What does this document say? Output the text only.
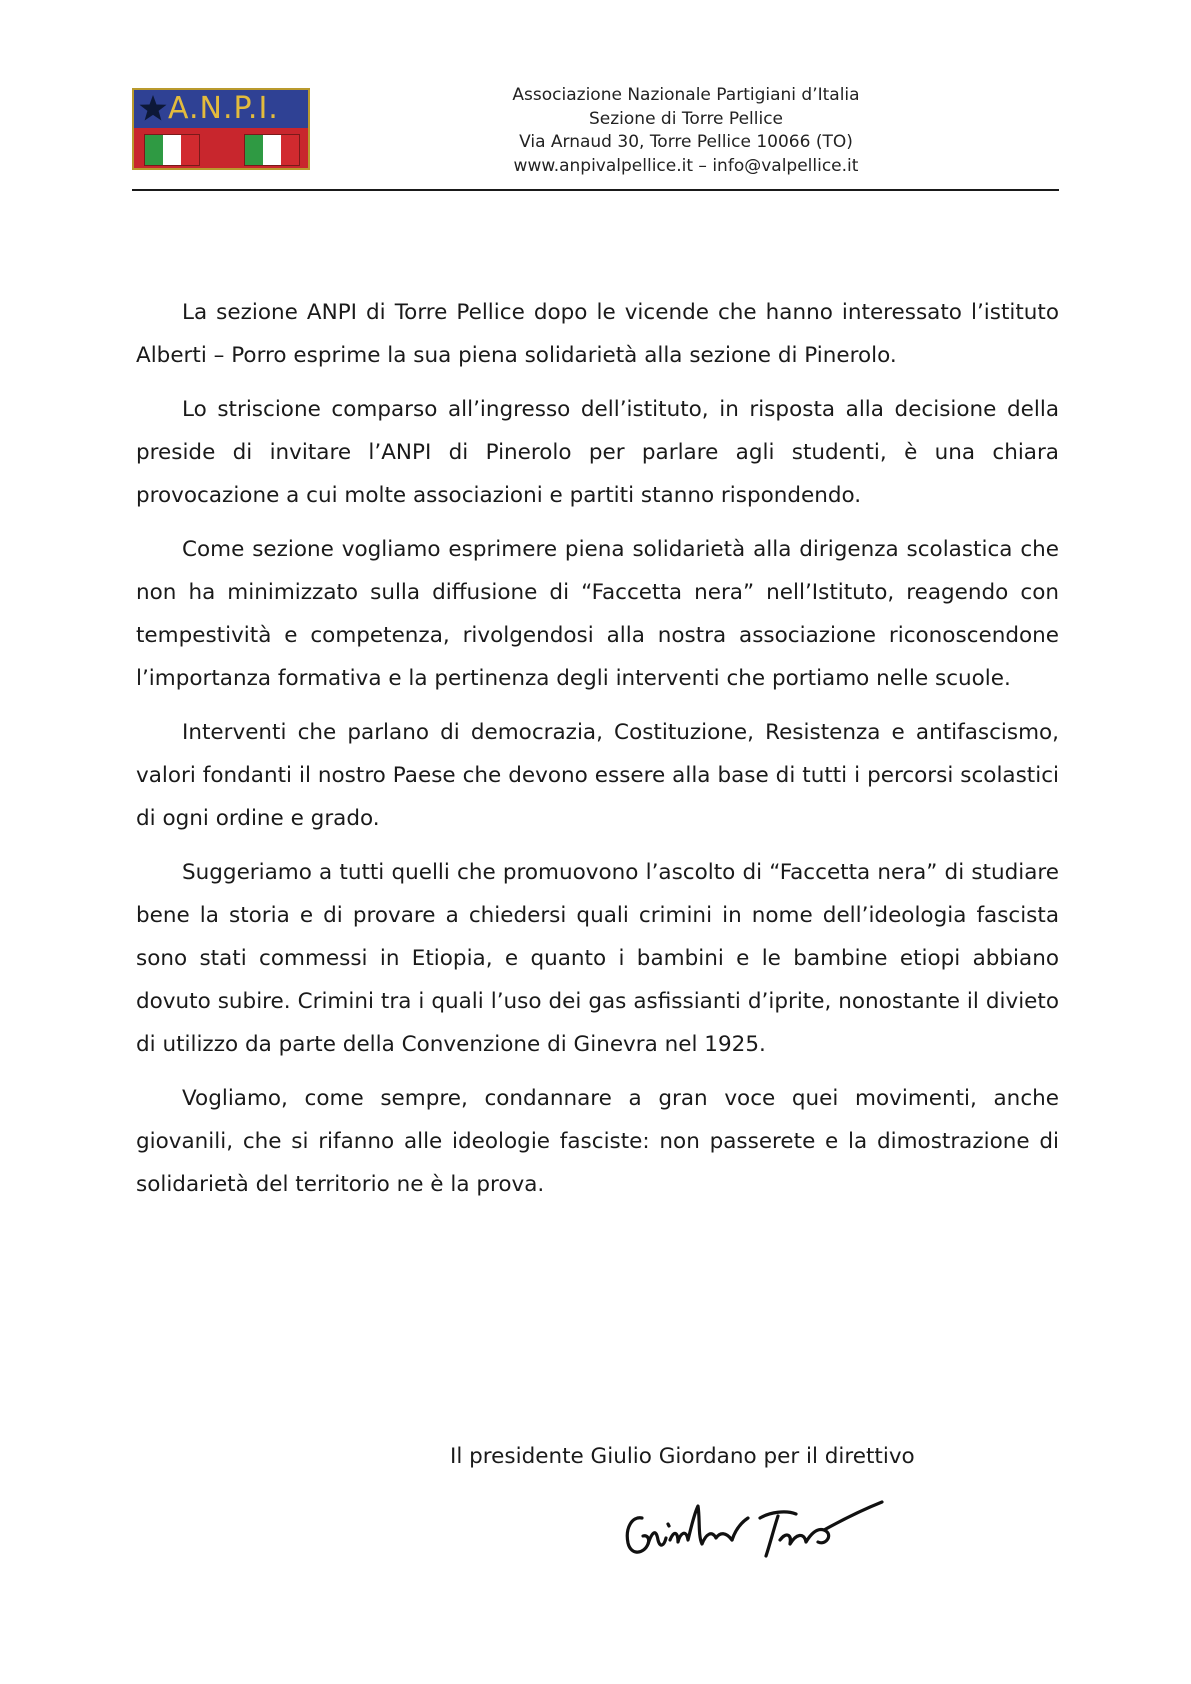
A.N.P.I.	Associazione Nazionale Partigiani d’Italia
Sezione di Torre Pellice
Via Arnaud 30, Torre Pellice 10066 (TO)
www.anpivalpellice.it – info@valpellice.it

La sezione ANPI di Torre Pellice dopo le vicende che hanno interessato l’istituto Alberti – Porro esprime la sua piena solidarietà alla sezione di Pinerolo.

Lo striscione comparso all’ingresso dell’istituto, in risposta alla decisione della preside di invitare l’ANPI di Pinerolo per parlare agli studenti, è una chiara provocazione a cui molte associazioni e partiti stanno rispondendo.

Come sezione vogliamo esprimere piena solidarietà alla dirigenza scolastica che non ha minimizzato sulla diffusione di “Faccetta nera” nell’Istituto, reagendo con tempestività e competenza, rivolgendosi alla nostra associazione riconoscendone l’importanza formativa e la pertinenza degli interventi che portiamo nelle scuole.

Interventi che parlano di democrazia, Costituzione, Resistenza e antifascismo, valori fondanti il nostro Paese che devono essere alla base di tutti i percorsi scolastici di ogni ordine e grado.

Suggeriamo a tutti quelli che promuovono l’ascolto di “Faccetta nera” di studiare bene la storia e di provare a chiedersi quali crimini in nome dell’ideologia fascista sono stati commessi in Etiopia, e quanto i bambini e le bambine etiopi abbiano dovuto subire. Crimini tra i quali l’uso dei gas asfissianti d’iprite, nonostante il divieto di utilizzo da parte della Convenzione di Ginevra nel 1925.

Vogliamo, come sempre, condannare a gran voce quei movimenti, anche giovanili, che si rifanno alle ideologie fasciste: non passerete e la dimostrazione di solidarietà del territorio ne è la prova.

Il presidente Giulio Giordano per il direttivo
